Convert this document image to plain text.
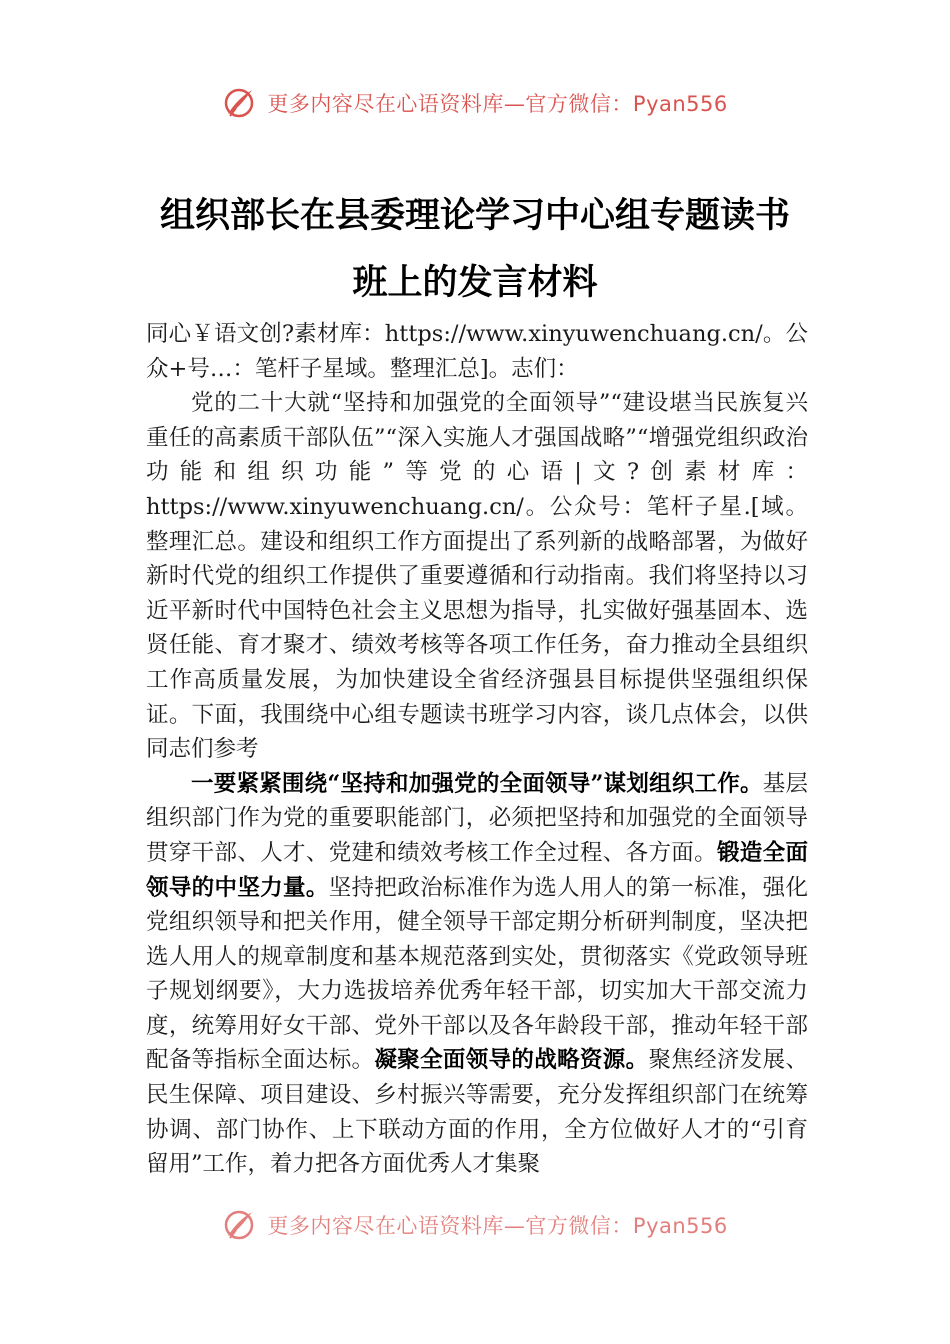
更多内容尽在心语资料库—官方微信：Pyan556
组织部长在县委理论学习中心组专题读书
班上的发言材料

同心￥语文创?素材库：https://www.xinyuwenchuang.cn/。公众+号…：笔杆子星域。整理汇总]。志们：

党的二十大就“坚持和加强党的全面领导”“建设堪当民族复兴重任的高素质干部队伍”“深入实施人才强国战略”“增强党组织政治功能和组织功能”等党的心语|文?创素材库：https://www.xinyuwenchuang.cn/。公众号：笔杆子星.[域。整理汇总。建设和组织工作方面提出了系列新的战略部署，为做好新时代党的组织工作提供了重要遵循和行动指南。我们将坚持以习近平新时代中国特色社会主义思想为指导，扎实做好强基固本、选贤任能、育才聚才、绩效考核等各项工作任务，奋力推动全县组织工作高质量发展，为加快建设全省经济强县目标提供坚强组织保证。下面，我围绕中心组专题读书班学习内容，谈几点体会，以供同志们参考

一要紧紧围绕“坚持和加强党的全面领导”谋划组织工作。基层组织部门作为党的重要职能部门，必须把坚持和加强党的全面领导贯穿干部、人才、党建和绩效考核工作全过程、各方面。锻造全面领导的中坚力量。坚持把政治标准作为选人用人的第一标准，强化党组织领导和把关作用，健全领导干部定期分析研判制度，坚决把选人用人的规章制度和基本规范落到实处，贯彻落实《党政领导班子规划纲要》，大力选拔培养优秀年轻干部，切实加大干部交流力度，统筹用好女干部、党外干部以及各年龄段干部，推动年轻干部配备等指标全面达标。凝聚全面领导的战略资源。聚焦经济发展、民生保障、项目建设、乡村振兴等需要，充分发挥组织部门在统筹协调、部门协作、上下联动方面的作用，全方位做好人才的“引育留用”工作，着力把各方面优秀人才集聚

更多内容尽在心语资料库—官方微信：Pyan556
